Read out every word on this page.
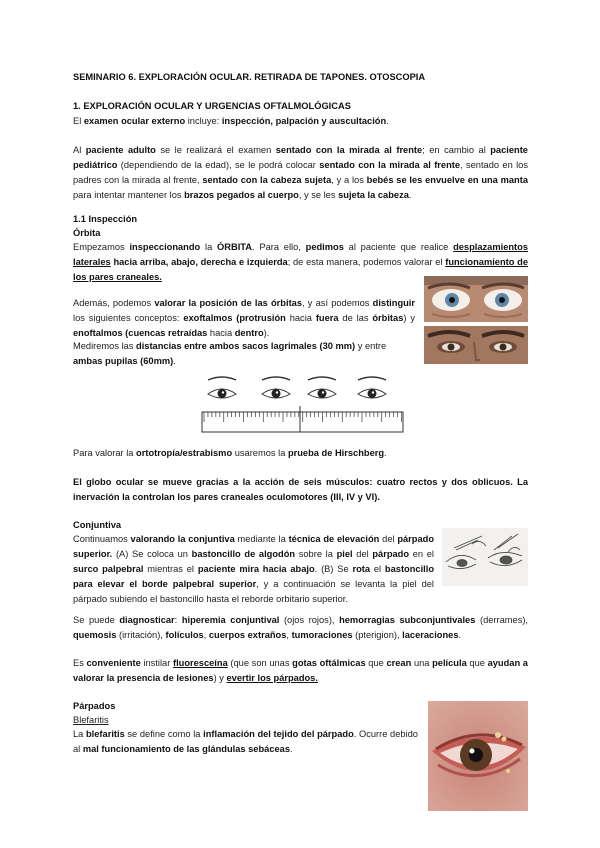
SEMINARIO 6. EXPLORACIÓN OCULAR. RETIRADA DE TAPONES. OTOSCOPIA
1. EXPLORACIÓN OCULAR Y URGENCIAS OFTALMOLÓGICAS
El examen ocular externo incluye: inspección, palpación y auscultación.
Al paciente adulto se le realizará el examen sentado con la mirada al frente; en cambio al paciente pediátrico (dependiendo de la edad), se le podrá colocar sentado con la mirada al frente, sentado en los padres con la mirada al frente, sentado con la cabeza sujeta, y a los bebés se les envuelve en una manta para intentar mantener los brazos pegados al cuerpo, y se les sujeta la cabeza.
1.1 Inspección
Órbita
Empezamos inspeccionando la ÓRBITA. Para ello, pedimos al paciente que realice desplazamientos laterales hacia arriba, abajo, derecha e izquierda; de esta manera, podemos valorar el funcionamiento de los pares craneales.
Además, podemos valorar la posición de las órbitas, y así podemos distinguir los siguientes conceptos: exoftalmos (protrusión hacia fuera de las órbitas) y enoftalmos (cuencas retraídas hacia dentro).
Mediremos las distancias entre ambos sacos lagrimales (30 mm) y entre ambas pupilas (60mm).
Para valorar la ortotropía/estrabismo usaremos la prueba de Hirschberg.
El globo ocular se mueve gracias a la acción de seis músculos: cuatro rectos y dos oblicuos. La inervación la controlan los pares craneales oculomotores (III, IV y VI).
Conjuntiva
Continuamos valorando la conjuntiva mediante la técnica de elevación del párpado superior. (A) Se coloca un bastoncillo de algodón sobre la piel del párpado en el surco palpebral mientras el paciente mira hacia abajo. (B) Se rota el bastoncillo para elevar el borde palpebral superior, y a continuación se levanta la piel del párpado subiendo el bastoncillo hasta el reborde orbitario superior.
Se puede diagnosticar: hiperemia conjuntival (ojos rojos), hemorragias subconjuntivales (derrames), quemosis (irritación), folículos, cuerpos extraños, tumoraciones (pterigion), laceraciones.
Es conveniente instilar fluoresceína (que son unas gotas oftálmicas que crean una película que ayudan a valorar la presencia de lesiones) y evertir los párpados.
Párpados
Blefaritis
La blefaritis se define como la inflamación del tejido del párpado. Ocurre debido al mal funcionamiento de las glándulas sebáceas.
